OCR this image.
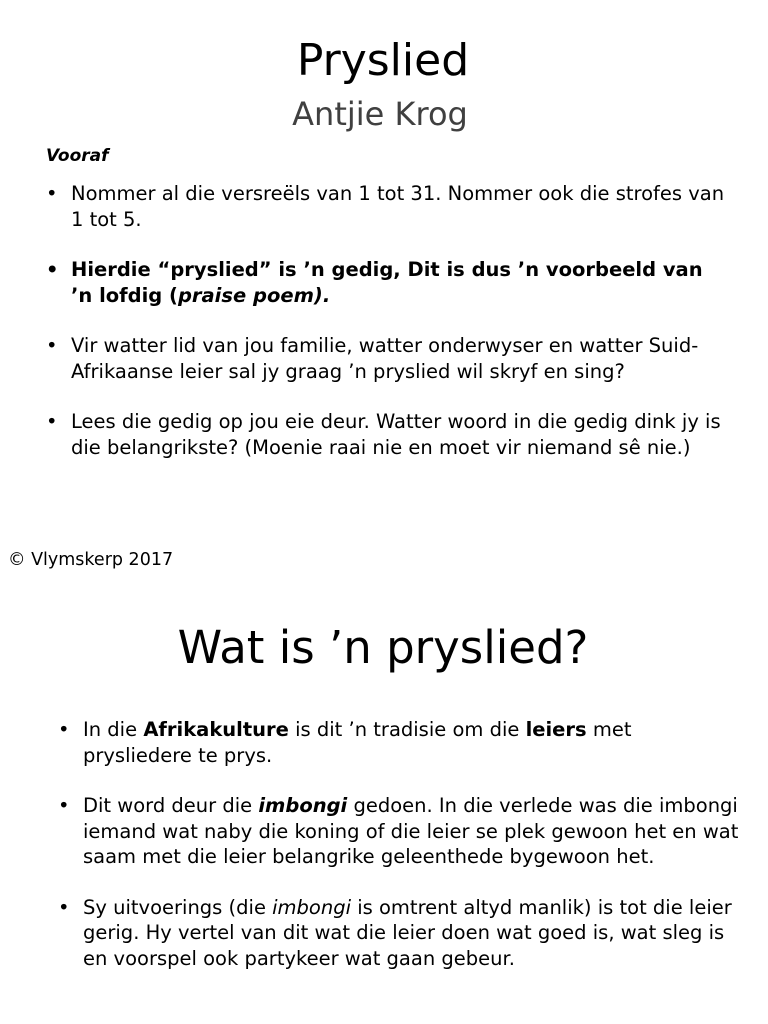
Pryslied
Antjie Krog
Vooraf
• Nommer al die versreëls van 1 tot 31. Nommer ook die strofes van 1 tot 5.
• Hierdie “pryslied” is ’n gedig, Dit is dus ’n voorbeeld van ’n lofdig (praise poem).
• Vir watter lid van jou familie, watter onderwyser en watter Suid-Afrikaanse leier sal jy graag ’n pryslied wil skryf en sing?
• Lees die gedig op jou eie deur. Watter woord in die gedig dink jy is die belangrikste? (Moenie raai nie en moet vir niemand sê nie.)
© Vlymskerp 2017
Wat is ’n pryslied?
• In die Afrikakulture is dit ’n tradisie om die leiers met prysliedere te prys.
• Dit word deur die imbongi gedoen. In die verlede was die imbongi iemand wat naby die koning of die leier se plek gewoon het en wat saam met die leier belangrike geleenthede bygewoon het.
• Sy uitvoerings (die imbongi is omtrent altyd manlik) is tot die leier gerig. Hy vertel van dit wat die leier doen wat goed is, wat sleg is en voorspel ook partykeer wat gaan gebeur.
